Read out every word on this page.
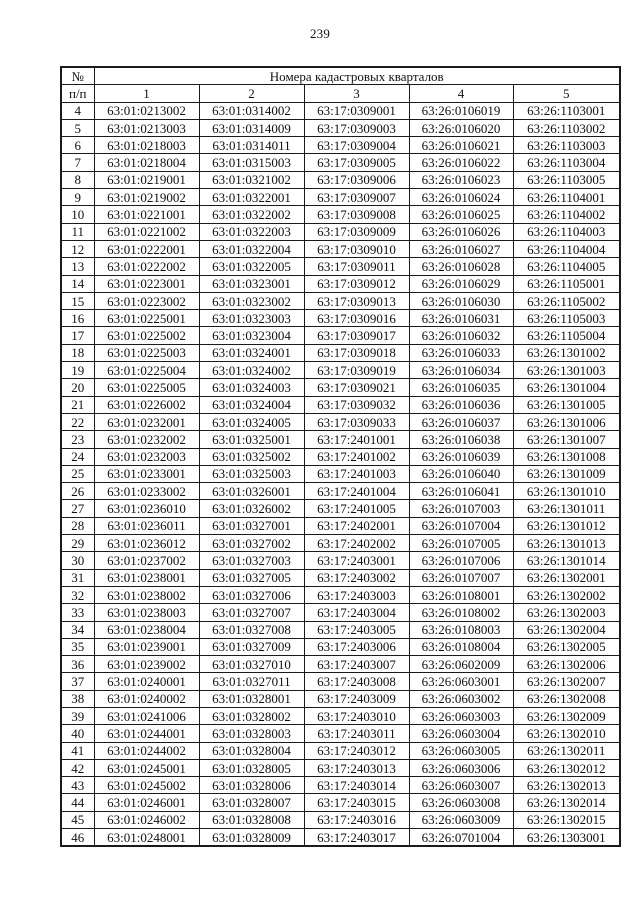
239
№	Номера кадастровых кварталов				
п/п	1	2	3	4	5
4	63:01:0213002	63:01:0314002	63:17:0309001	63:26:0106019	63:26:1103001
5	63:01:0213003	63:01:0314009	63:17:0309003	63:26:0106020	63:26:1103002
6	63:01:0218003	63:01:0314011	63:17:0309004	63:26:0106021	63:26:1103003
7	63:01:0218004	63:01:0315003	63:17:0309005	63:26:0106022	63:26:1103004
8	63:01:0219001	63:01:0321002	63:17:0309006	63:26:0106023	63:26:1103005
9	63:01:0219002	63:01:0322001	63:17:0309007	63:26:0106024	63:26:1104001
10	63:01:0221001	63:01:0322002	63:17:0309008	63:26:0106025	63:26:1104002
11	63:01:0221002	63:01:0322003	63:17:0309009	63:26:0106026	63:26:1104003
12	63:01:0222001	63:01:0322004	63:17:0309010	63:26:0106027	63:26:1104004
13	63:01:0222002	63:01:0322005	63:17:0309011	63:26:0106028	63:26:1104005
14	63:01:0223001	63:01:0323001	63:17:0309012	63:26:0106029	63:26:1105001
15	63:01:0223002	63:01:0323002	63:17:0309013	63:26:0106030	63:26:1105002
16	63:01:0225001	63:01:0323003	63:17:0309016	63:26:0106031	63:26:1105003
17	63:01:0225002	63:01:0323004	63:17:0309017	63:26:0106032	63:26:1105004
18	63:01:0225003	63:01:0324001	63:17:0309018	63:26:0106033	63:26:1301002
19	63:01:0225004	63:01:0324002	63:17:0309019	63:26:0106034	63:26:1301003
20	63:01:0225005	63:01:0324003	63:17:0309021	63:26:0106035	63:26:1301004
21	63:01:0226002	63:01:0324004	63:17:0309032	63:26:0106036	63:26:1301005
22	63:01:0232001	63:01:0324005	63:17:0309033	63:26:0106037	63:26:1301006
23	63:01:0232002	63:01:0325001	63:17:2401001	63:26:0106038	63:26:1301007
24	63:01:0232003	63:01:0325002	63:17:2401002	63:26:0106039	63:26:1301008
25	63:01:0233001	63:01:0325003	63:17:2401003	63:26:0106040	63:26:1301009
26	63:01:0233002	63:01:0326001	63:17:2401004	63:26:0106041	63:26:1301010
27	63:01:0236010	63:01:0326002	63:17:2401005	63:26:0107003	63:26:1301011
28	63:01:0236011	63:01:0327001	63:17:2402001	63:26:0107004	63:26:1301012
29	63:01:0236012	63:01:0327002	63:17:2402002	63:26:0107005	63:26:1301013
30	63:01:0237002	63:01:0327003	63:17:2403001	63:26:0107006	63:26:1301014
31	63:01:0238001	63:01:0327005	63:17:2403002	63:26:0107007	63:26:1302001
32	63:01:0238002	63:01:0327006	63:17:2403003	63:26:0108001	63:26:1302002
33	63:01:0238003	63:01:0327007	63:17:2403004	63:26:0108002	63:26:1302003
34	63:01:0238004	63:01:0327008	63:17:2403005	63:26:0108003	63:26:1302004
35	63:01:0239001	63:01:0327009	63:17:2403006	63:26:0108004	63:26:1302005
36	63:01:0239002	63:01:0327010	63:17:2403007	63:26:0602009	63:26:1302006
37	63:01:0240001	63:01:0327011	63:17:2403008	63:26:0603001	63:26:1302007
38	63:01:0240002	63:01:0328001	63:17:2403009	63:26:0603002	63:26:1302008
39	63:01:0241006	63:01:0328002	63:17:2403010	63:26:0603003	63:26:1302009
40	63:01:0244001	63:01:0328003	63:17:2403011	63:26:0603004	63:26:1302010
41	63:01:0244002	63:01:0328004	63:17:2403012	63:26:0603005	63:26:1302011
42	63:01:0245001	63:01:0328005	63:17:2403013	63:26:0603006	63:26:1302012
43	63:01:0245002	63:01:0328006	63:17:2403014	63:26:0603007	63:26:1302013
44	63:01:0246001	63:01:0328007	63:17:2403015	63:26:0603008	63:26:1302014
45	63:01:0246002	63:01:0328008	63:17:2403016	63:26:0603009	63:26:1302015
46	63:01:0248001	63:01:0328009	63:17:2403017	63:26:0701004	63:26:1303001
